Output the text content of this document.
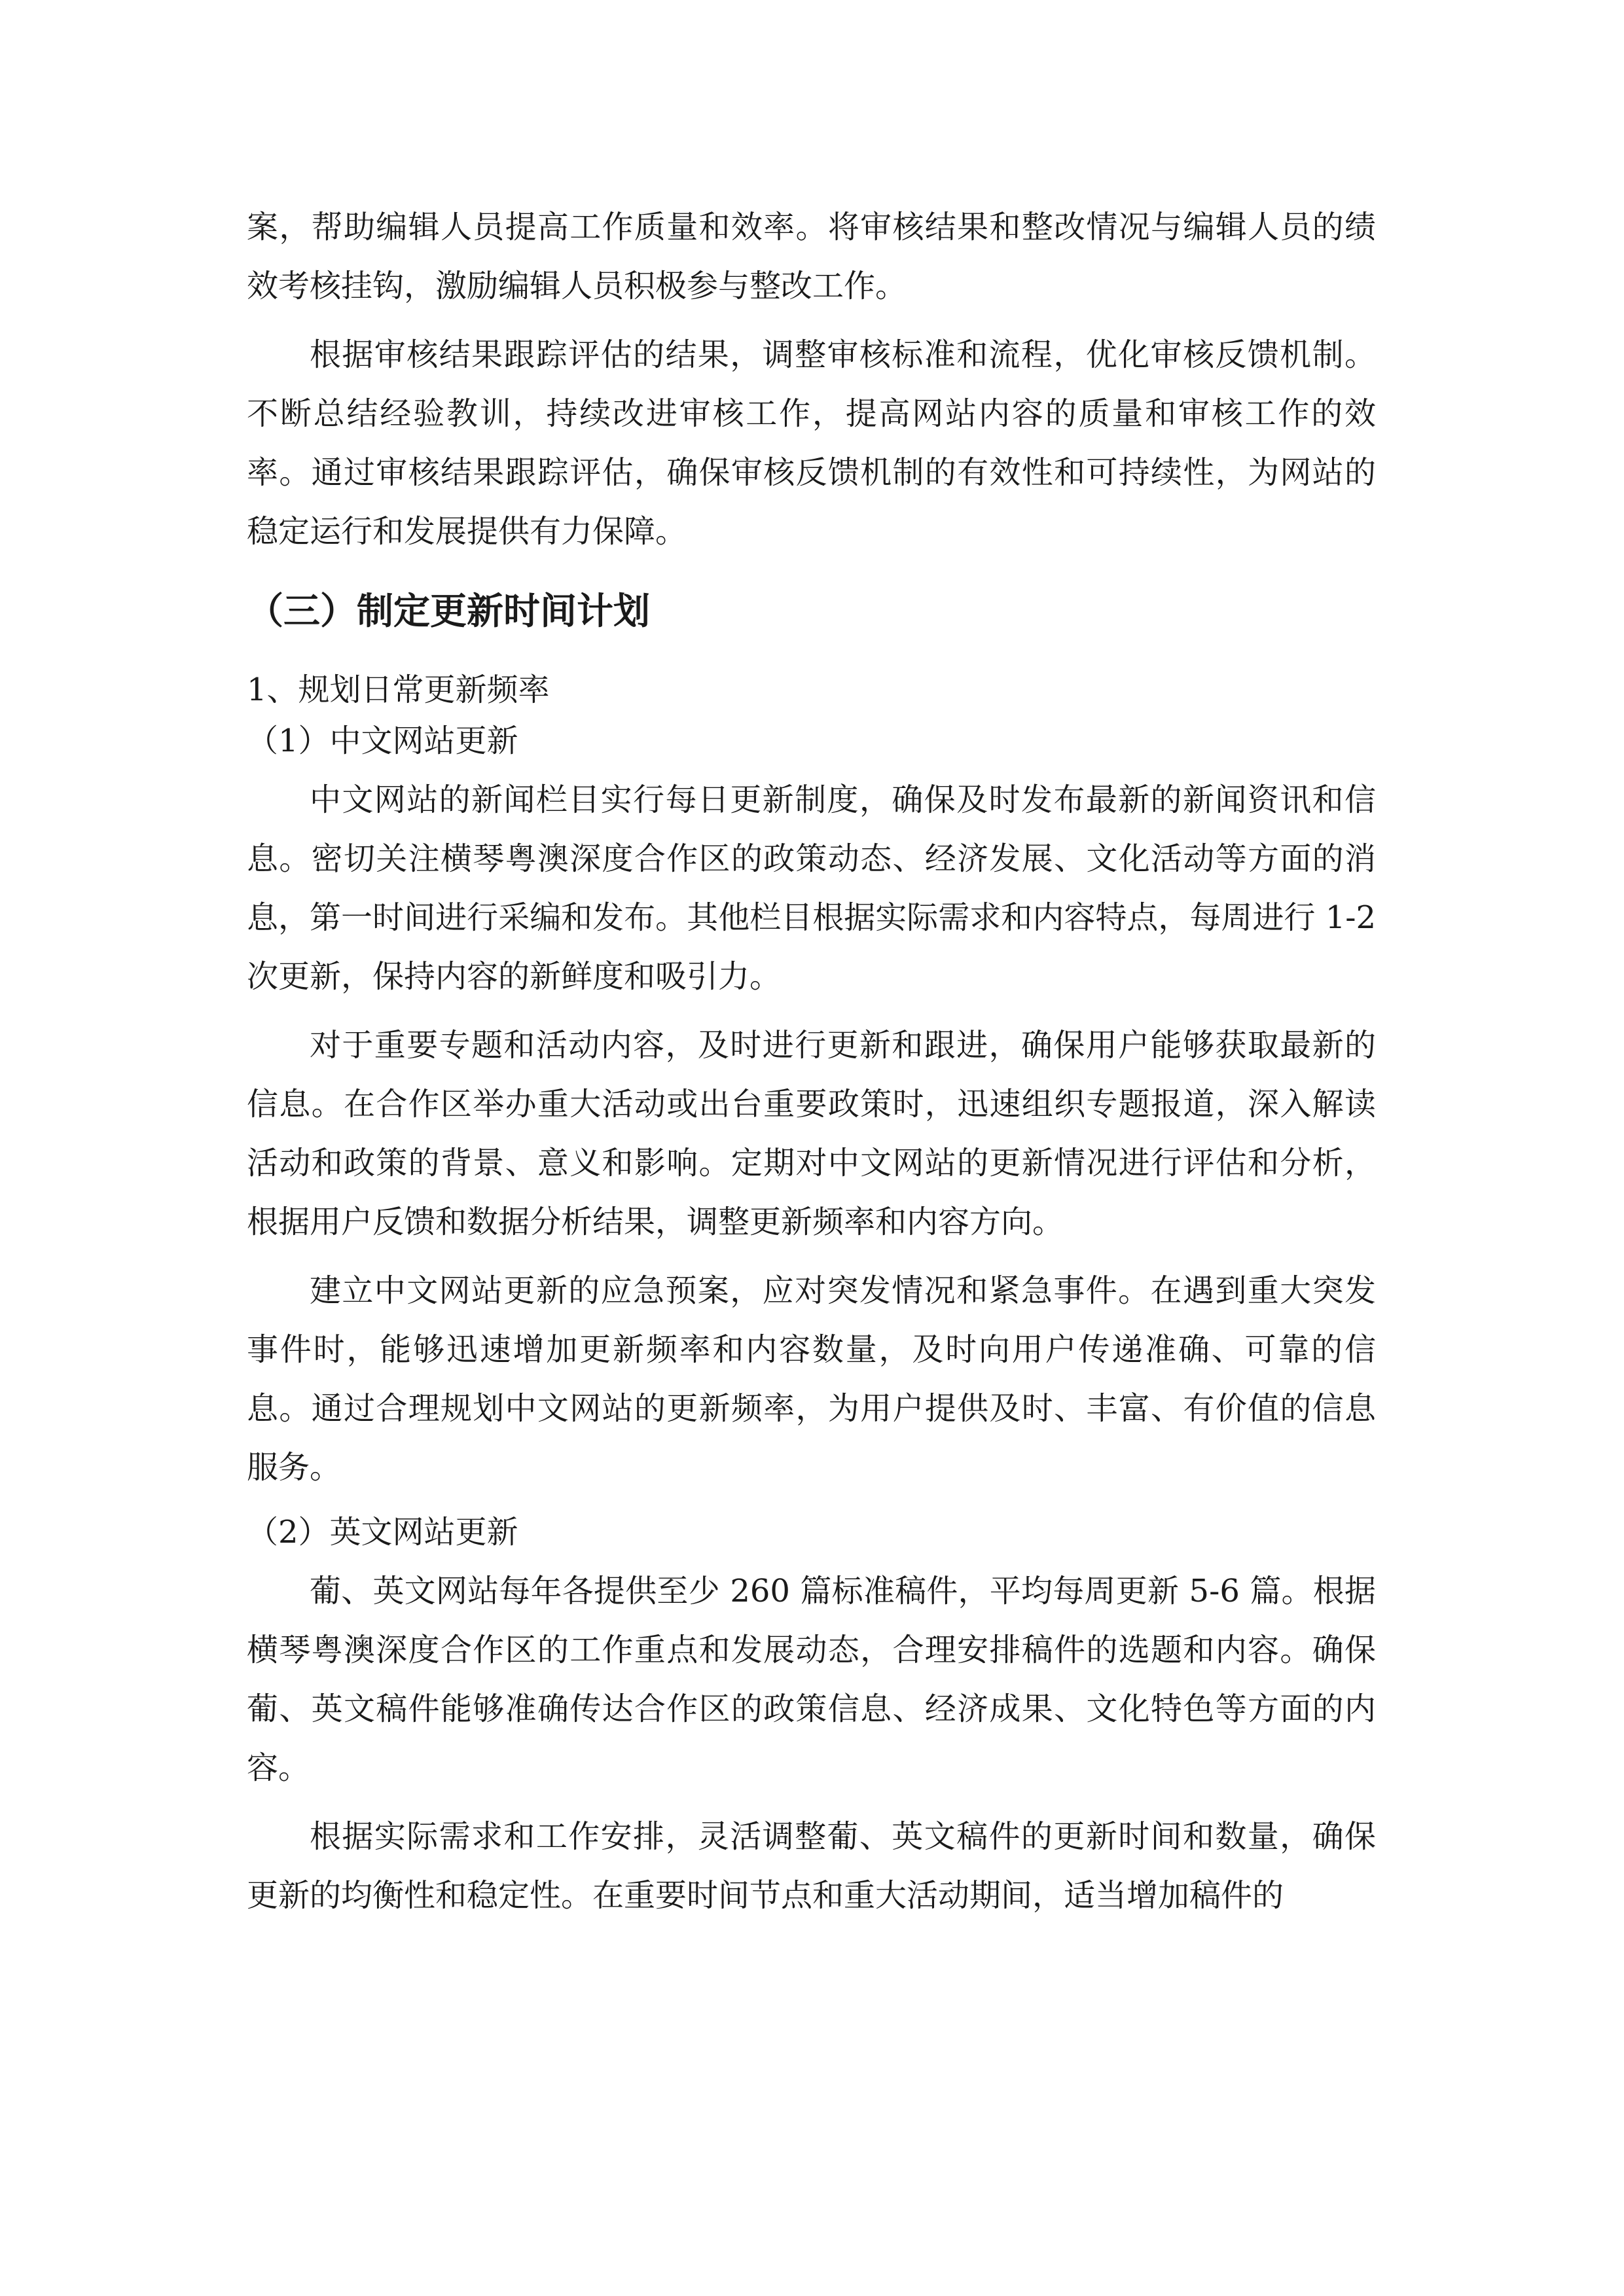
案，帮助编辑人员提高工作质量和效率。将审核结果和整改情况与编辑人员的绩效考核挂钩，激励编辑人员积极参与整改工作。

根据审核结果跟踪评估的结果，调整审核标准和流程，优化审核反馈机制。不断总结经验教训，持续改进审核工作，提高网站内容的质量和审核工作的效率。通过审核结果跟踪评估，确保审核反馈机制的有效性和可持续性，为网站的稳定运行和发展提供有力保障。

（三）制定更新时间计划
1、规划日常更新频率
（1）中文网站更新

中文网站的新闻栏目实行每日更新制度，确保及时发布最新的新闻资讯和信息。密切关注横琴粤澳深度合作区的政策动态、经济发展、文化活动等方面的消息，第一时间进行采编和发布。其他栏目根据实际需求和内容特点，每周进行 1-2 次更新，保持内容的新鲜度和吸引力。

对于重要专题和活动内容，及时进行更新和跟进，确保用户能够获取最新的信息。在合作区举办重大活动或出台重要政策时，迅速组织专题报道，深入解读活动和政策的背景、意义和影响。定期对中文网站的更新情况进行评估和分析，根据用户反馈和数据分析结果，调整更新频率和内容方向。

建立中文网站更新的应急预案，应对突发情况和紧急事件。在遇到重大突发事件时，能够迅速增加更新频率和内容数量，及时向用户传递准确、可靠的信息。通过合理规划中文网站的更新频率，为用户提供及时、丰富、有价值的信息服务。

（2）英文网站更新

葡、英文网站每年各提供至少 260 篇标准稿件，平均每周更新 5-6 篇。根据横琴粤澳深度合作区的工作重点和发展动态，合理安排稿件的选题和内容。确保葡、英文稿件能够准确传达合作区的政策信息、经济成果、文化特色等方面的内容。

根据实际需求和工作安排，灵活调整葡、英文稿件的更新时间和数量，确保更新的均衡性和稳定性。在重要时间节点和重大活动期间，适当增加稿件的
